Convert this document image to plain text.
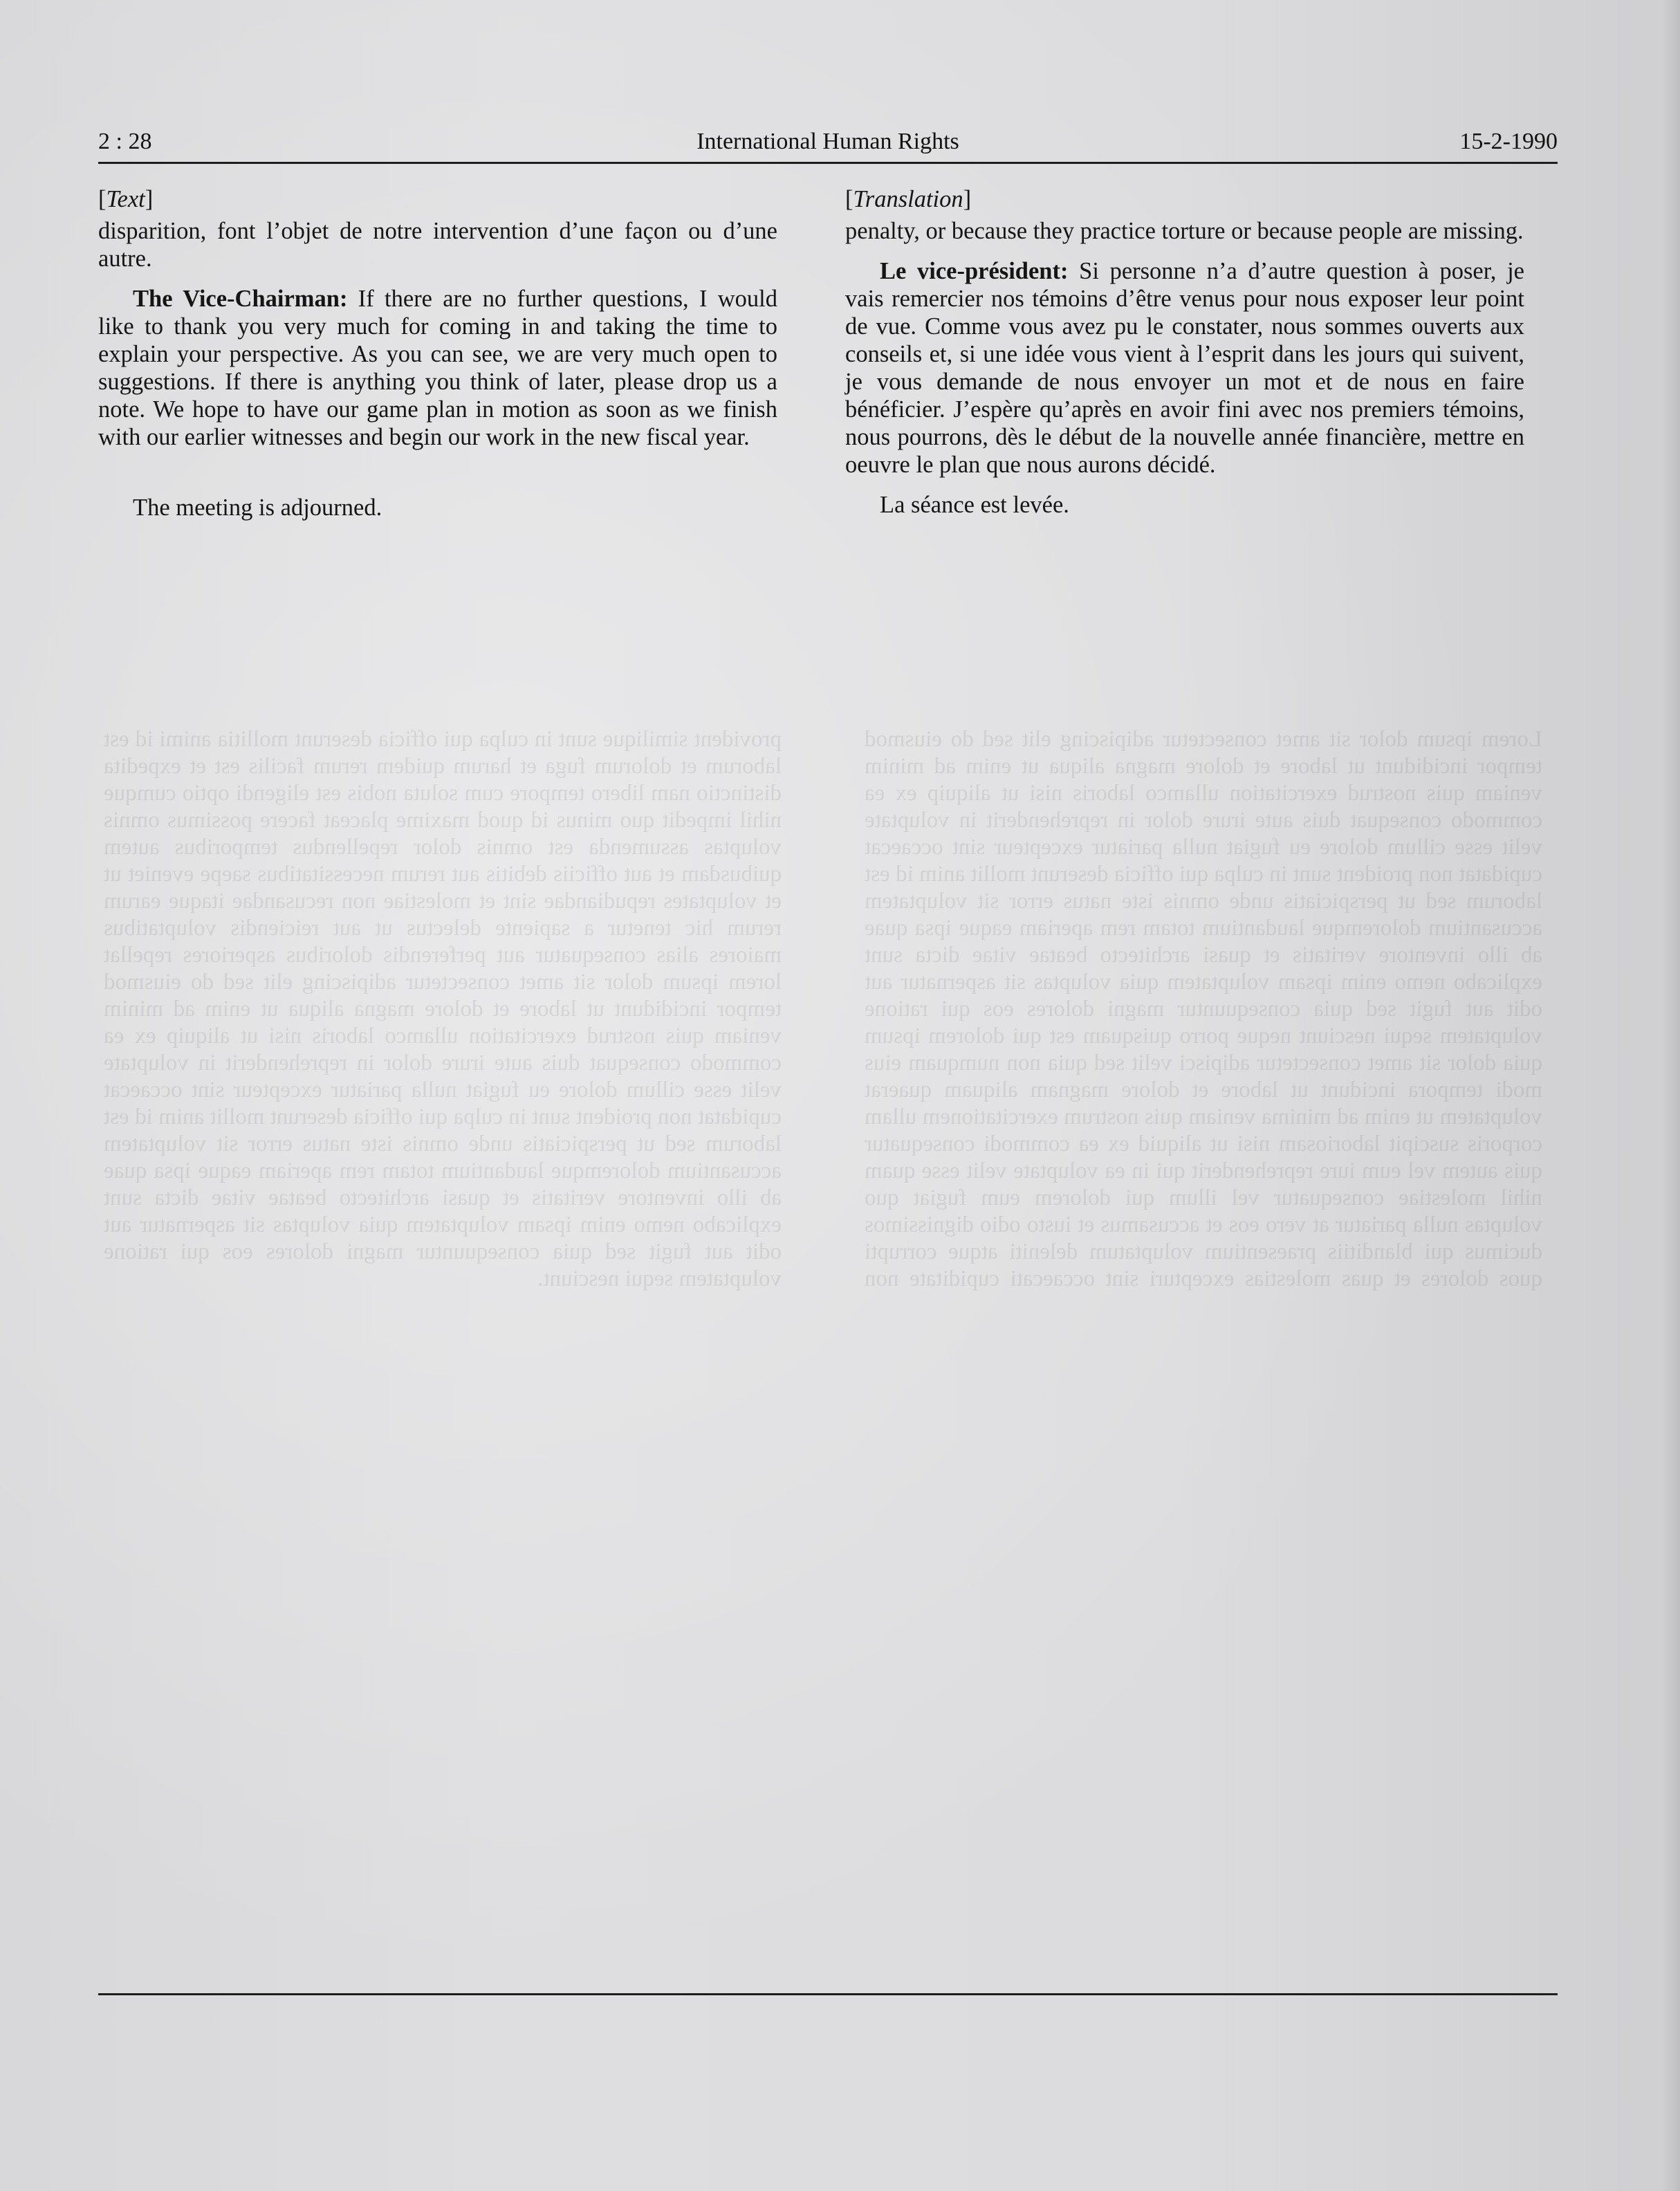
Lorem ipsum dolor sit amet consectetur adipiscing elit sed do eiusmod tempor incididunt ut labore et dolore magna aliqua ut enim ad minim veniam quis nostrud exercitation ullamco laboris nisi ut aliquip ex ea commodo consequat duis aute irure dolor in reprehenderit in voluptate velit esse cillum dolore eu fugiat nulla pariatur excepteur sint occaecat cupidatat non proident sunt in culpa qui officia deserunt mollit anim id est laborum sed ut perspiciatis unde omnis iste natus error sit voluptatem accusantium doloremque laudantium totam rem aperiam eaque ipsa quae ab illo inventore veritatis et quasi architecto beatae vitae dicta sunt explicabo nemo enim ipsam voluptatem quia voluptas sit aspernatur aut odit aut fugit sed quia consequuntur magni dolores eos qui ratione voluptatem sequi nesciunt neque porro quisquam est qui dolorem ipsum quia dolor sit amet consectetur adipisci velit sed quia non numquam eius modi tempora incidunt ut labore et dolore magnam aliquam quaerat voluptatem ut enim ad minima veniam quis nostrum exercitationem ullam corporis suscipit laboriosam nisi ut aliquid ex ea commodi consequatur quis autem vel eum iure reprehenderit qui in ea voluptate velit esse quam nihil molestiae consequatur vel illum qui dolorem eum fugiat quo voluptas nulla pariatur at vero eos et accusamus et iusto odio dignissimos ducimus qui blanditiis praesentium voluptatum deleniti atque corrupti quos dolores et quas molestias excepturi sint occaecati cupiditate non provident similique sunt in culpa qui officia deserunt mollitia animi id est laborum et dolorum fuga et harum quidem rerum facilis est et expedita distinctio nam libero tempore cum soluta nobis est eligendi optio cumque nihil impedit quo minus id quod maxime placeat facere possimus omnis voluptas assumenda est omnis dolor repellendus temporibus autem quibusdam et aut officiis debitis aut rerum necessitatibus saepe eveniet ut et voluptates repudiandae sint et molestiae non recusandae itaque earum rerum hic tenetur a sapiente delectus ut aut reiciendis voluptatibus maiores alias consequatur aut perferendis doloribus asperiores repellat lorem ipsum dolor sit amet consectetur adipiscing elit sed do eiusmod tempor incididunt ut labore et dolore magna aliqua ut enim ad minim veniam quis nostrud exercitation ullamco laboris nisi ut aliquip ex ea commodo consequat duis aute irure dolor in reprehenderit in voluptate velit esse cillum dolore eu fugiat nulla pariatur excepteur sint occaecat cupidatat non proident sunt in culpa qui officia deserunt mollit anim id est laborum sed ut perspiciatis unde omnis iste natus error sit voluptatem accusantium doloremque laudantium totam rem aperiam eaque ipsa quae ab illo inventore veritatis et quasi architecto beatae vitae dicta sunt explicabo nemo enim ipsam voluptatem quia voluptas sit aspernatur aut odit aut fugit sed quia consequuntur magni dolores eos qui ratione voluptatem sequi nesciunt.
2 : 28	International Human Rights	15-2-1990
[Text]

disparition, font l’objet de notre intervention d’une façon ou d’une autre.

The Vice-Chairman: If there are no further questions, I would like to thank you very much for coming in and taking the time to explain your perspective. As you can see, we are very much open to suggestions. If there is anything you think of later, please drop us a note. We hope to have our game plan in motion as soon as we finish with our earlier witnesses and begin our work in the new fiscal year.

The meeting is adjourned.

[Translation]

penalty, or because they practice torture or because people are missing.

Le vice-président: Si personne n’a d’autre question à poser, je vais remercier nos témoins d’être venus pour nous exposer leur point de vue. Comme vous avez pu le constater, nous sommes ouverts aux conseils et, si une idée vous vient à l’esprit dans les jours qui suivent, je vous demande de nous envoyer un mot et de nous en faire bénéficier. J’espère qu’après en avoir fini avec nos premiers témoins, nous pourrons, dès le début de la nouvelle année financière, mettre en oeuvre le plan que nous aurons décidé.

La séance est levée.
